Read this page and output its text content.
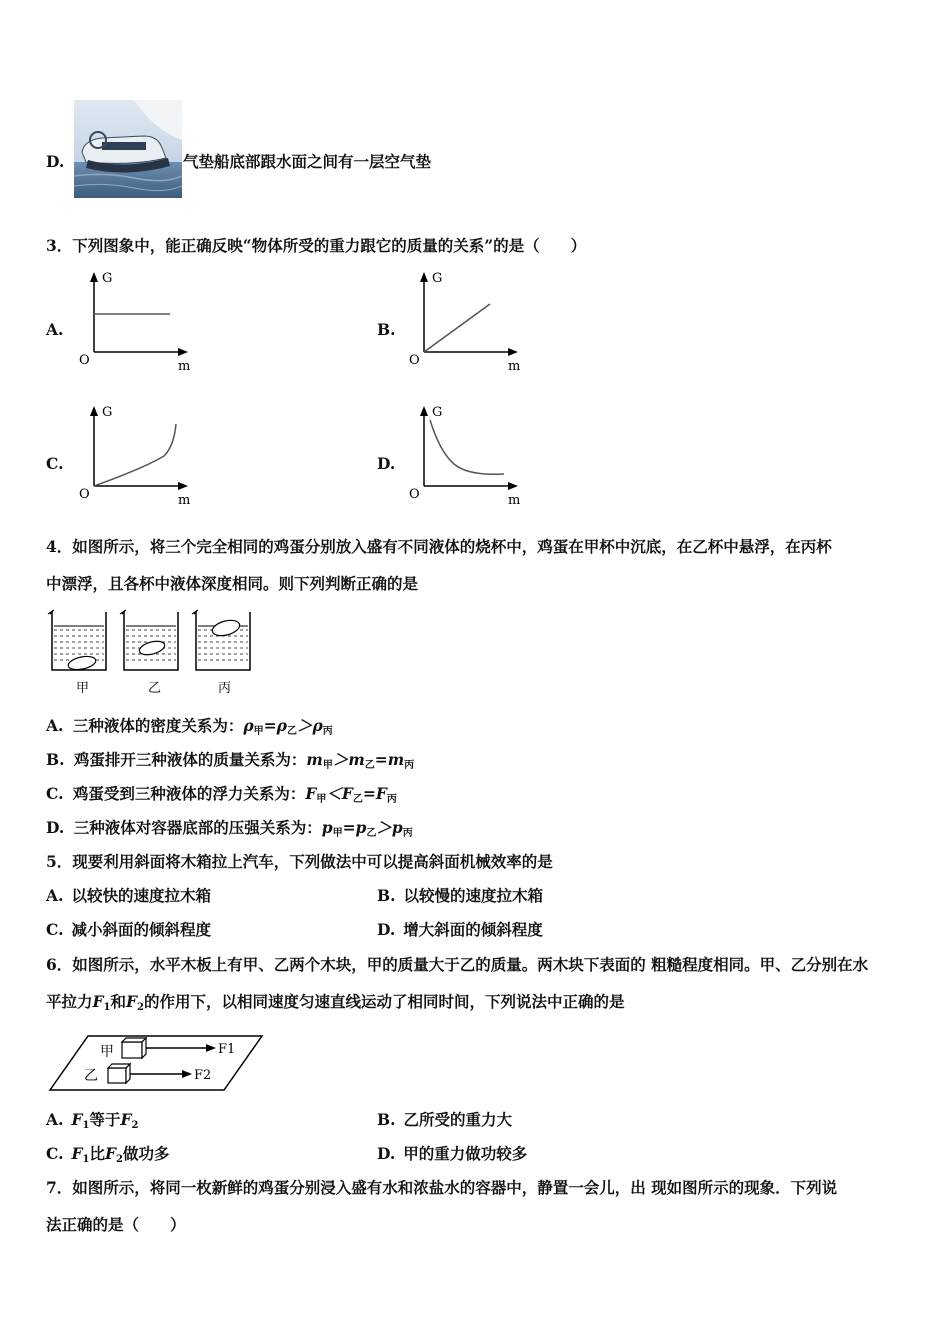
D.	气垫船底部跟水面之间有一层空气垫
3．下列图象中，能正确反映“物体所受的重力跟它的质量的关系”的是（　　）
A.
G
O	m
B.
G
O	m
C.
G
O	m
D.
G
O	m
4．如图所示，将三个完全相同的鸡蛋分别放入盛有不同液体的烧杯中，鸡蛋在甲杯中沉底，在乙杯中悬浮，在丙杯
中漂浮，且各杯中液体深度相同。则下列判断正确的是
甲	乙	丙
A. 三种液体的密度关系为：$\rho_甲=\rho_乙>\rho_丙$
B. 鸡蛋排开三种液体的质量关系为：$m_甲>m_乙=m_丙$
C. 鸡蛋受到三种液体的浮力关系为：$F_甲<F_乙=F_丙$
D. 三种液体对容器底部的压强关系为：$p_甲=p_乙>p_丙$
5．现要利用斜面将木箱拉上汽车，下列做法中可以提高斜面机械效率的是
A. 以较快的速度拉木箱	B. 以较慢的速度拉木箱
C. 减小斜面的倾斜程度	D. 增大斜面的倾斜程度
6．如图所示，水平木板上有甲、乙两个木块，甲的质量大于乙的质量。两木块下表面的 粗糙程度相同。甲、乙分别在水
平拉力$F_1$和$F_2$的作用下，以相同速度匀速直线运动了相同时间，下列说法中正确的是
甲	F1
乙	F2
A. $F_1$等于$F_2$	B. 乙所受的重力大
C. $F_1$比$F_2$做功多	D. 甲的重力做功较多
7．如图所示，将同一枚新鲜的鸡蛋分别浸入盛有水和浓盐水的容器中，静置一会儿，出 现如图所示的现象．下列说
法正确的是（　　）
